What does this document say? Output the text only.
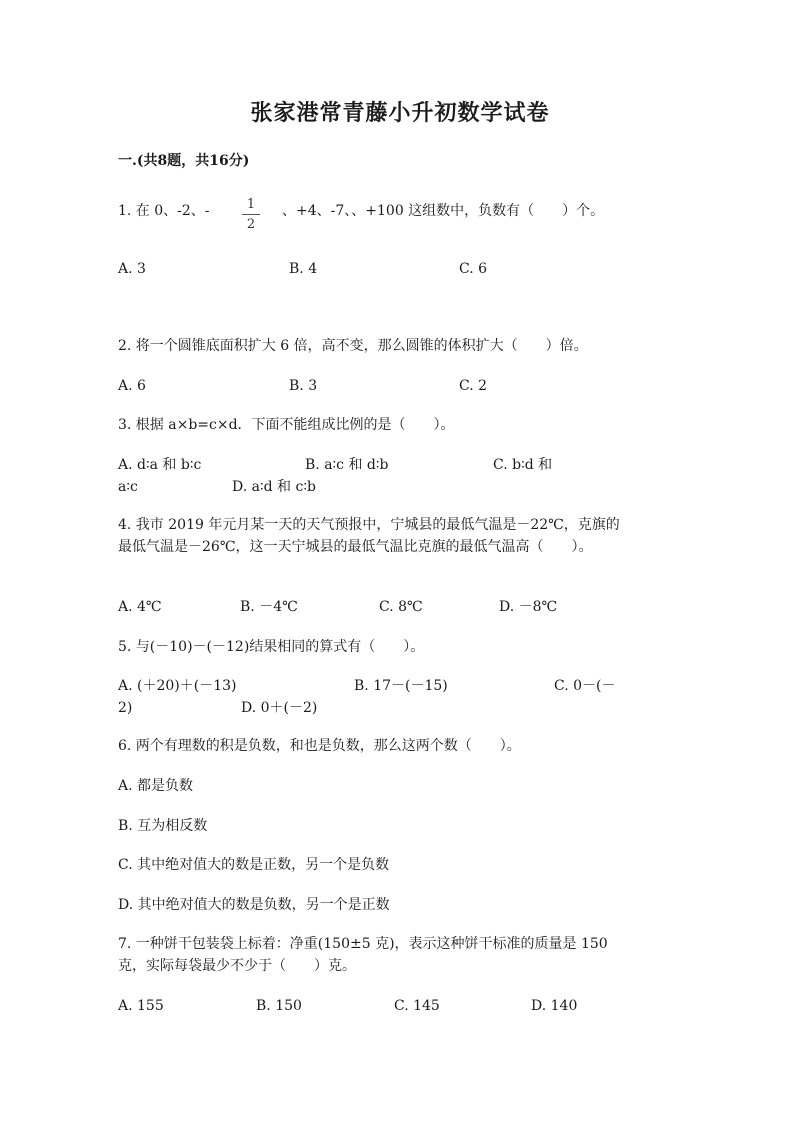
张家港常青藤小升初数学试卷
一.(共8题，共16分)
1. 在 0、-2、-	1
2
、+4、-7、、+100 这组数中，负数有（　　）个。
A. 3	B. 4	C. 6
2. 将一个圆锥底面积扩大 6 倍，高不变，那么圆锥的体积扩大（　　）倍。
A. 6	B. 3	C. 2
3. 根据 a×b=c×d．下面不能组成比例的是（　　）。
A. d∶a 和 b∶c	B. a∶c 和 d∶b	C. b∶d 和
a∶c	D. a∶d 和 c∶b
4. 我市 2019 年元月某一天的天气预报中，宁城县的最低气温是－22℃，克旗的
最低气温是－26℃，这一天宁城县的最低气温比克旗的最低气温高（　　）。
A. 4℃	B. －4℃	C. 8℃	D. －8℃
5. 与(－10)－(－12)结果相同的算式有（　　）。
A. (＋20)＋(－13)	B. 17－(－15)	C. 0－(－
2)	D. 0＋(－2)
6. 两个有理数的积是负数，和也是负数，那么这两个数（　　）。
A. 都是负数
B. 互为相反数
C. 其中绝对值大的数是正数，另一个是负数
D. 其中绝对值大的数是负数，另一个是正数
7. 一种饼干包装袋上标着：净重(150±5 克)，表示这种饼干标准的质量是 150
克，实际每袋最少不少于（　　）克。
A. 155	B. 150	C. 145	D. 140
